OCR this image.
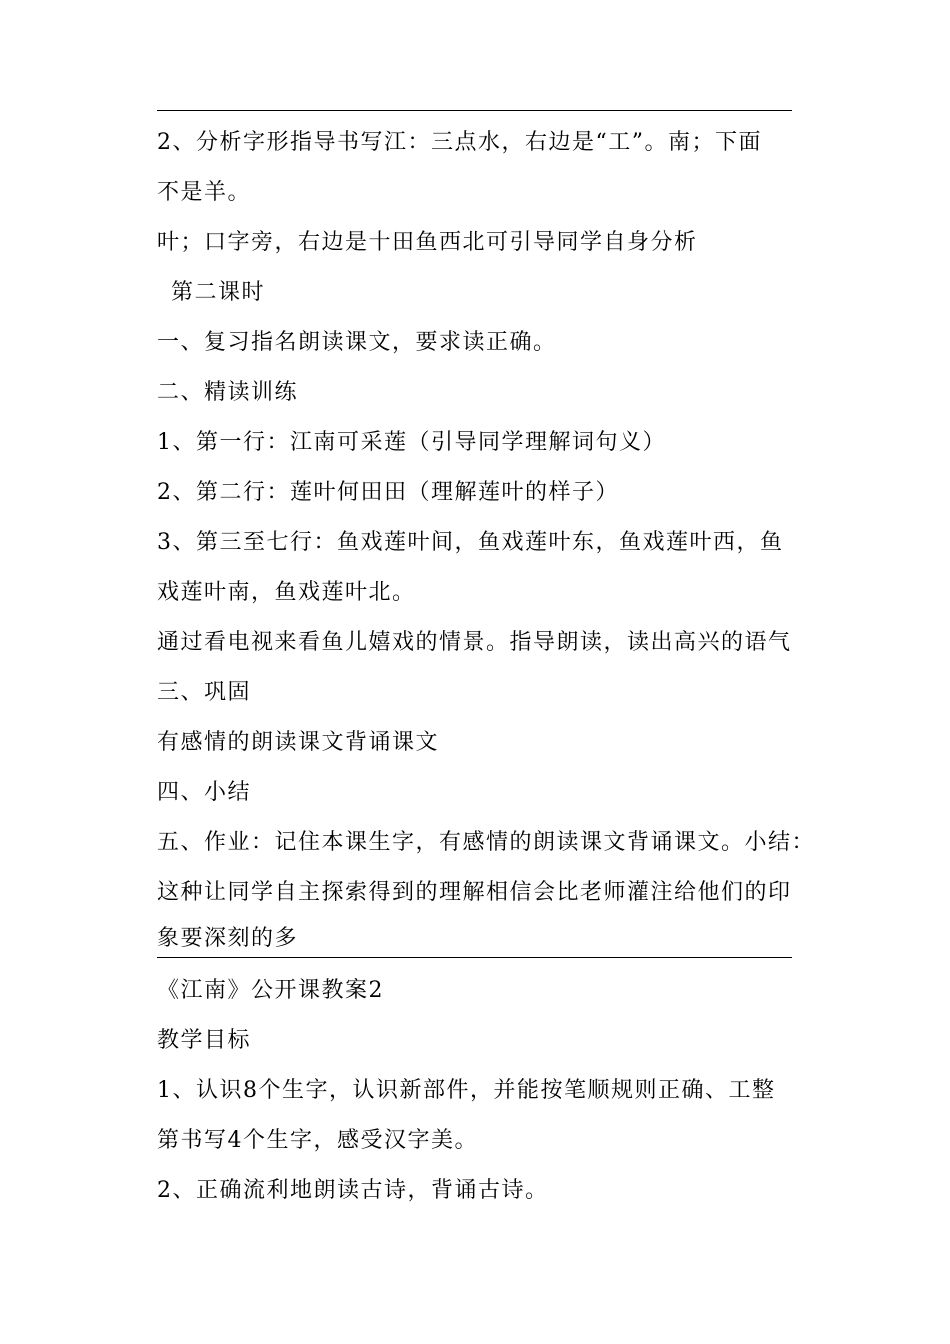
2、分析字形指导书写江：三点水，右边是“工”。南；下面
不是羊。
叶；口字旁，右边是十田鱼西北可引导同学自身分析
第二课时
一、复习指名朗读课文，要求读正确。
二、精读训练
1、第一行：江南可采莲（引导同学理解词句义）
2、第二行：莲叶何田田（理解莲叶的样子）
3、第三至七行：鱼戏莲叶间，鱼戏莲叶东，鱼戏莲叶西，鱼
戏莲叶南，鱼戏莲叶北。
通过看电视来看鱼儿嬉戏的情景。指导朗读，读出高兴的语气
三、巩固
有感情的朗读课文背诵课文
四、小结
五、作业：记住本课生字，有感情的朗读课文背诵课文。小结：
这种让同学自主探索得到的理解相信会比老师灌注给他们的印
象要深刻的多
《江南》公开课教案2
教学目标
1、认识8个生字，认识新部件，并能按笔顺规则正确、工整
第书写4个生字，感受汉字美。
2、正确流利地朗读古诗，背诵古诗。
